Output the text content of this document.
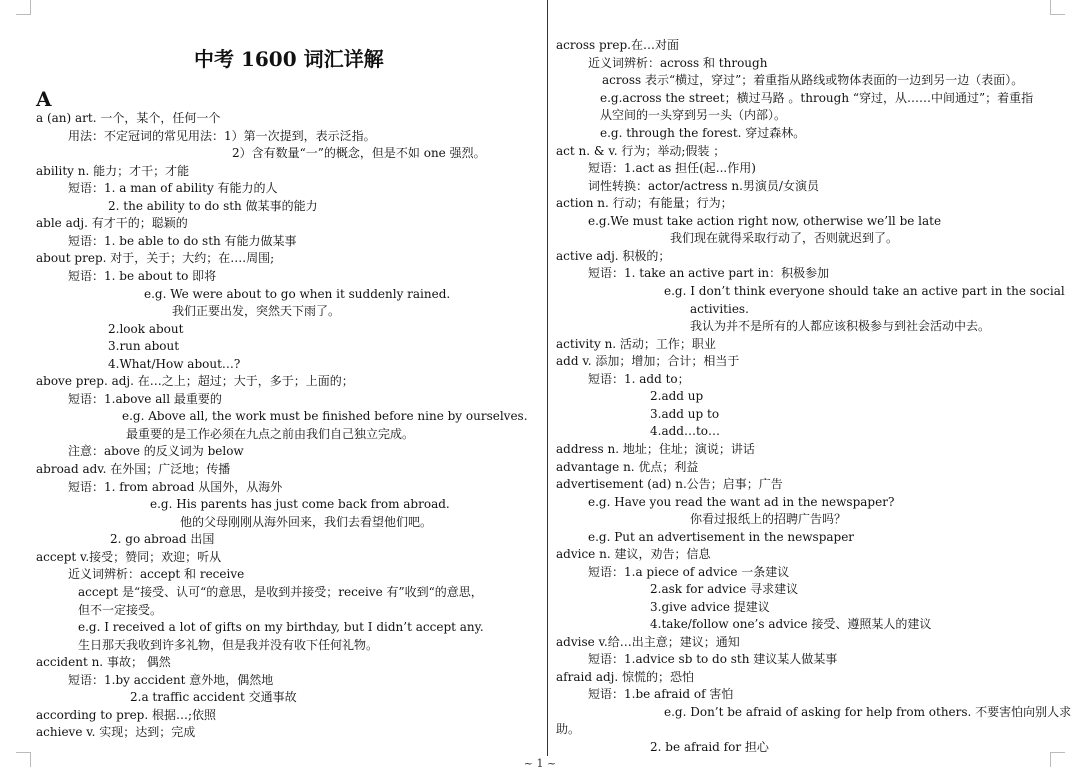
中考 1600 词汇详解
A
a (an) art. 一个，某个，任何一个
用法：不定冠词的常见用法：1）第一次提到，表示泛指。
2）含有数量“一”的概念，但是不如 one 强烈。
ability n. 能力；才干；才能
短语：1. a man of ability 有能力的人
2. the ability to do sth 做某事的能力
able adj. 有才干的；聪颖的
短语：1. be able to do sth 有能力做某事
about prep. 对于，关于；大约；在….周围;
短语：1. be about to 即将
e.g. We were about to go when it suddenly rained.
我们正要出发，突然天下雨了。
2.look about
3.run about
4.What/How about…?
above prep. adj. 在…之上；超过；大于，多于；上面的；
短语：1.above all 最重要的
e.g. Above all, the work must be finished before nine by ourselves.
最重要的是工作必须在九点之前由我们自己独立完成。
注意：above 的反义词为 below
abroad adv. 在外国；广泛地；传播
短语：1. from abroad 从国外，从海外
e.g. His parents has just come back from abroad.
他的父母刚刚从海外回来，我们去看望他们吧。
2. go abroad 出国
accept v.接受；赞同；欢迎；听从
近义词辨析：accept 和 receive
accept 是“接受、认可“的意思，是收到并接受；receive 有”收到“的意思，
但不一定接受。
e.g. I received a lot of gifts on my birthday, but I didn’t accept any.
生日那天我收到许多礼物，但是我并没有收下任何礼物。
accident n. 事故； 偶然
短语：1.by accident 意外地，偶然地
2.a traffic accident 交通事故
according to prep. 根据…;依照
achieve v. 实现；达到；完成
across prep.在…对面
近义词辨析：across 和 through
across 表示“横过，穿过”；着重指从路线或物体表面的一边到另一边（表面）。
e.g.across the street；横过马路 。through “穿过，从……中间通过”；着重指
从空间的一头穿到另一头（内部）。
e.g. through the forest. 穿过森林。
act n. & v. 行为；举动;假装 ；
短语：1.act as 担任(起...作用)
词性转换：actor/actress n.男演员/女演员
action n. 行动；有能量；行为；
e.g.We must take action right now, otherwise we’ll be late
我们现在就得采取行动了，否则就迟到了。
active adj. 积极的；
短语：1. take an active part in：积极参加
e.g. I don’t think everyone should take an active part in the social
activities.
我认为并不是所有的人都应该积极参与到社会活动中去。
activity n. 活动；工作；职业
add v. 添加；增加；合计；相当于
短语：1. add to；
2.add up
3.add up to
4.add…to…
address n. 地址；住址；演说；讲话
advantage n. 优点；利益
advertisement (ad) n.公告；启事；广告
e.g. Have you read the want ad in the newspaper?
你看过报纸上的招聘广告吗？
e.g. Put an advertisement in the newspaper
advice n. 建议，劝告；信息
短语：1.a piece of advice 一条建议
2.ask for advice 寻求建议
3.give advice 提建议
4.take/follow one’s advice 接受、遵照某人的建议
advise v.给…出主意；建议；通知
短语：1.advice sb to do sth 建议某人做某事
afraid adj. 惊慌的；恐怕
短语：1.be afraid of 害怕
e.g. Don’t be afraid of asking for help from others. 不要害怕向别人求
助。
2. be afraid for 担心
~ 1 ~
